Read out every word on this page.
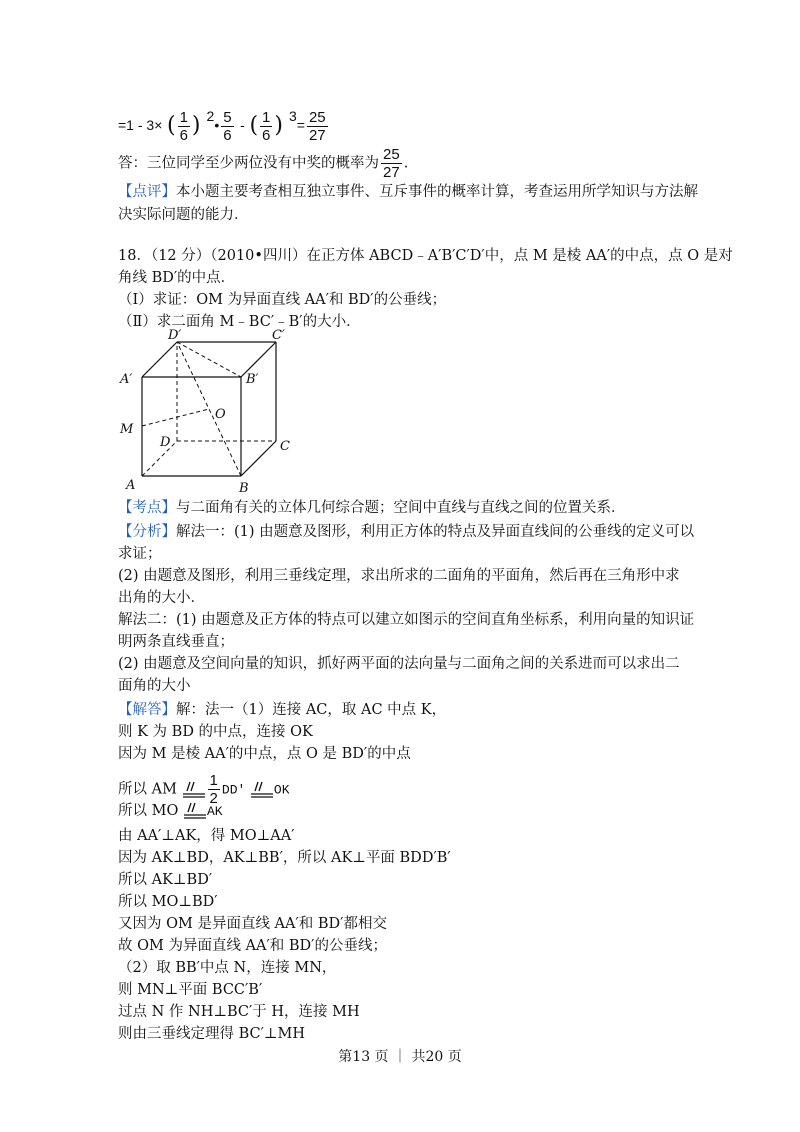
=1 - 3× ( $\frac{1}{6}$ ) 2• $\frac{5}{6}$ - ( $\frac{1}{6}$ ) $3= \frac{25}{27}$
答：三位同学至少两位没有中奖的概率为 $\frac{25}{27}$ .
【点评】本小题主要考查相互独立事件、互斥事件的概率计算，考查运用所学知识与方法解
决实际问题的能力．
18．（12 分）（2010•四川）在正方体 ABCD﹣A′B′C′D′中，点 M 是棱 AA′的中点，点 O 是对
角线 BD′的中点．
（Ⅰ）求证：OM 为异面直线 AA′和 BD′的公垂线；
（Ⅱ）求二面角 M﹣BC′﹣B′的大小．
D′	C′
A′	B′
O
M
D	C
A	B
【考点】与二面角有关的立体几何综合题；空间中直线与直线之间的位置关系．
【分析】解法一：(1) 由题意及图形，利用正方体的特点及异面直线间的公垂线的定义可以
求证；
(2) 由题意及图形，利用三垂线定理，求出所求的二面角的平面角，然后再在三角形中求
出角的大小．
解法二：(1) 由题意及正方体的特点可以建立如图示的空间直角坐标系，利用向量的知识证
明两条直线垂直；
(2) 由题意及空间向量的知识，抓好两平面的法向量与二面角之间的关系进而可以求出二
面角的大小
【解答】解：法一（1）连接 AC，取 AC 中点 K，
则 K 为 BD 的中点，连接 OK
因为 M 是棱 AA′的中点，点 O 是 BD′的中点
所以 AM $\frac{1}{2} DD'$ OK
所以 MO AK
由 AA′⊥AK，得 MO⊥AA′
因为 AK⊥BD，AK⊥BB′，所以 AK⊥平面 BDD′B′
所以 AK⊥BD′
所以 MO⊥BD′
又因为 OM 是异面直线 AA′和 BD′都相交
故 OM 为异面直线 AA′和 BD′的公垂线；
（2）取 BB′中点 N，连接 MN，
则 MN⊥平面 BCC′B′
过点 N 作 NH⊥BC′于 H，连接 MH
则由三垂线定理得 BC′⊥MH
第13 页 ｜ 共20 页
